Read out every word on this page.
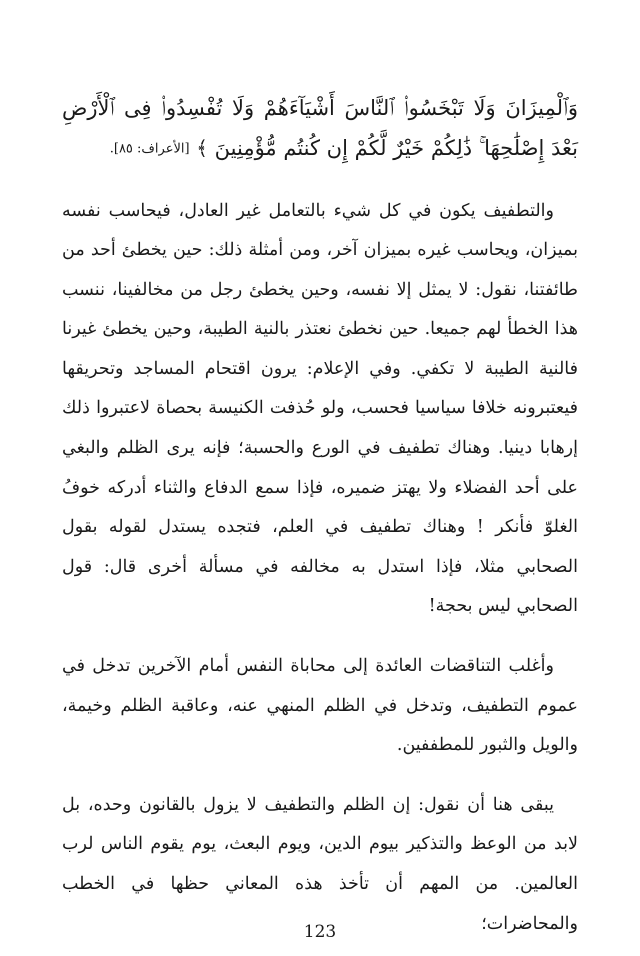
وَٱلْمِيزَانَ وَلَا تَبْخَسُوا۟ ٱلنَّاسَ أَشْيَآءَهُمْ وَلَا تُفْسِدُوا۟ فِى ٱلْأَرْضِ بَعْدَ إِصْلَٰحِهَا ۚ ذَٰلِكُمْ خَيْرٌ لَّكُمْ إِن كُنتُم مُّؤْمِنِينَ ﴾ [الأعراف: ٨٥].

والتطفيف يكون في كل شيء بالتعامل غير العادل، فيحاسب نفسه بميزان، ويحاسب غيره بميزان آخر، ومن أمثلة ذلك: حين يخطئ أحد من طائفتنا، نقول: لا يمثل إلا نفسه، وحين يخطئ رجل من مخالفينا، ننسب هذا الخطأ لهم جميعا. حين نخطئ نعتذر بالنية الطيبة، وحين يخطئ غيرنا فالنية الطيبة لا تكفي. وفي الإعلام: يرون اقتحام المساجد وتحريقها فيعتبرونه خلافا سياسيا فحسب، ولو حُذفت الكنيسة بحصاة لاعتبروا ذلك إرهابا دينيا. وهناك تطفيف في الورع والحسبة؛ فإنه يرى الظلم والبغي على أحد الفضلاء ولا يهتز ضميره، فإذا سمع الدفاع والثناء أدركه خوفُ الغلوّ فأنكر ! وهناك تطفيف في العلم، فتجده يستدل لقوله بقول الصحابي مثلا، فإذا استدل به مخالفه في مسألة أخرى قال: قول الصحابي ليس بحجة!

وأغلب التناقضات العائدة إلى محاباة النفس أمام الآخرين تدخل في عموم التطفيف، وتدخل في الظلم المنهي عنه، وعاقبة الظلم وخيمة، والويل والثبور للمطففين.

يبقى هنا أن نقول: إن الظلم والتطفيف لا يزول بالقانون وحده، بل لابد من الوعظ والتذكير بيوم الدين، ويوم البعث، يوم يقوم الناس لرب العالمين. من المهم أن تأخذ هذه المعاني حظها في الخطب والمحاضرات؛

123
